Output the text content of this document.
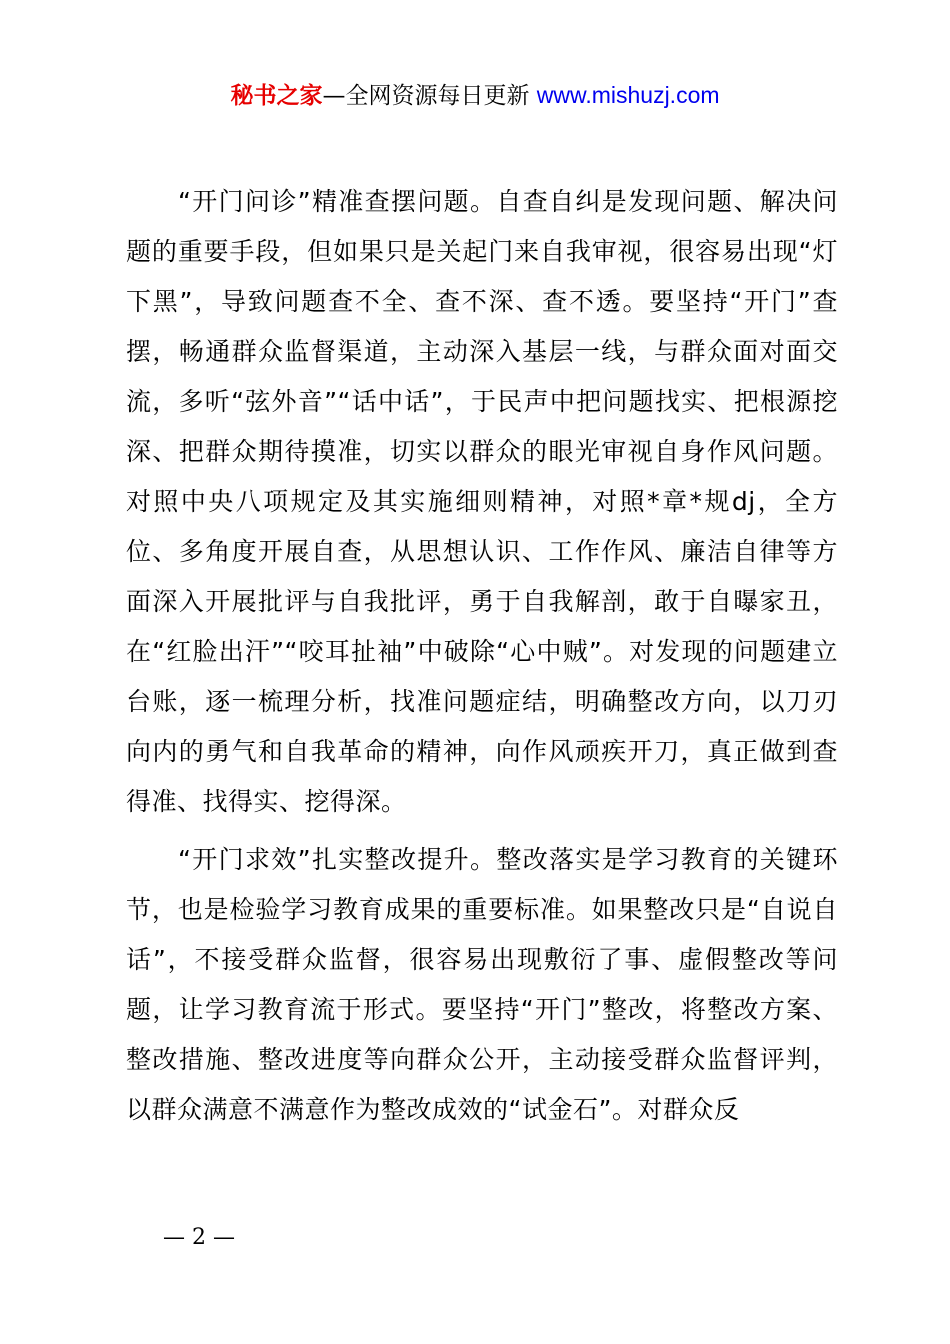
秘书之家—全网资源每日更新 www.mishuzj.com

“开门问诊”精准查摆问题。自查自纠是发现问题、解决问题的重要手段，但如果只是关起门来自我审视，很容易出现“灯下黑”，导致问题查不全、查不深、查不透。要坚持“开门”查摆，畅通群众监督渠道，主动深入基层一线，与群众面对面交流，多听“弦外音”“话中话”，于民声中把问题找实、把根源挖深、把群众期待摸准，切实以群众的眼光审视自身作风问题。对照中央八项规定及其实施细则精神，对照*章*规dj，全方位、多角度开展自查，从思想认识、工作作风、廉洁自律等方面深入开展批评与自我批评，勇于自我解剖，敢于自曝家丑，在“红脸出汗”“咬耳扯袖”中破除“心中贼”。对发现的问题建立台账，逐一梳理分析，找准问题症结，明确整改方向，以刀刃向内的勇气和自我革命的精神，向作风顽疾开刀，真正做到查得准、找得实、挖得深。

“开门求效”扎实整改提升。整改落实是学习教育的关键环节，也是检验学习教育成果的重要标准。如果整改只是“自说自话”，不接受群众监督，很容易出现敷衍了事、虚假整改等问题，让学习教育流于形式。要坚持“开门”整改，将整改方案、整改措施、整改进度等向群众公开，主动接受群众监督评判，以群众满意不满意作为整改成效的“试金石”。对群众反

— 2 —
